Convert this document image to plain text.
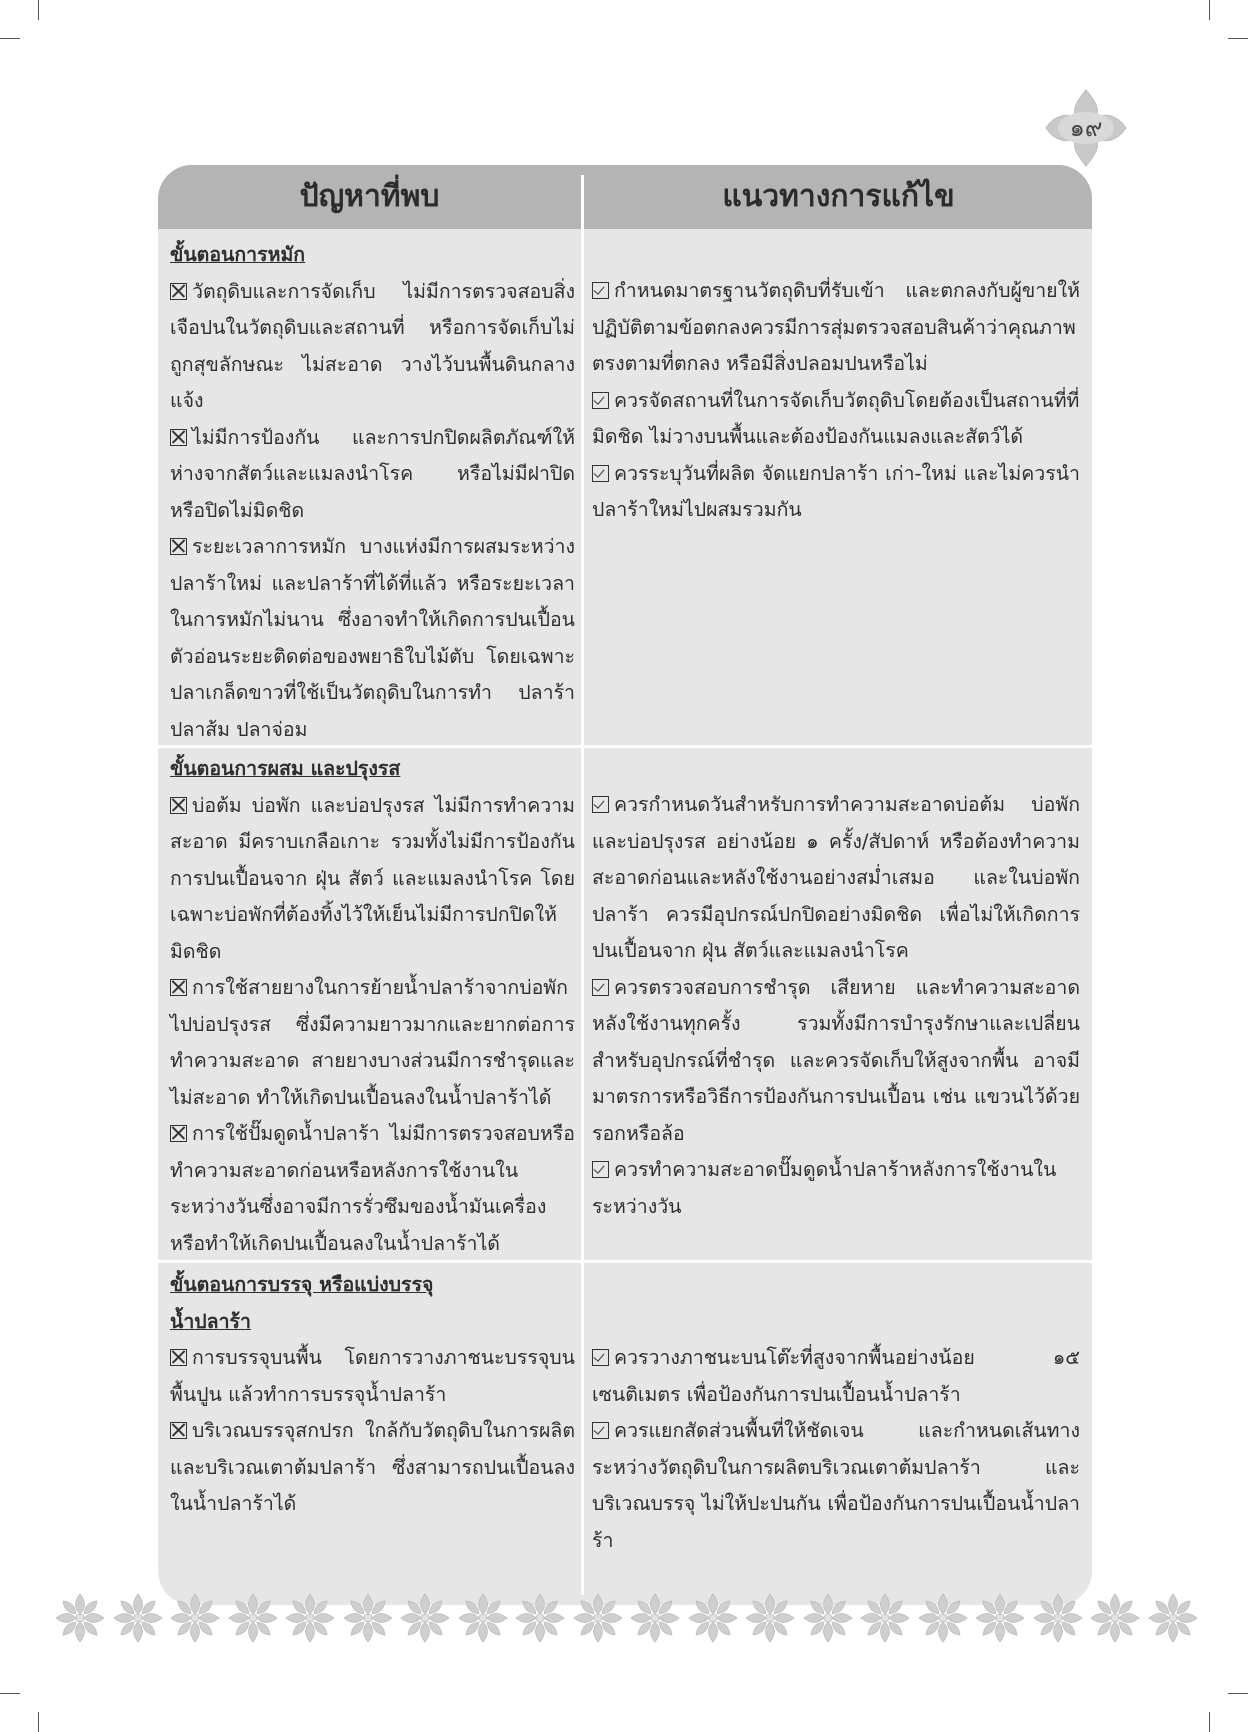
๑๙
ปัญหาที่พบ	แนวทางการแก้ไข

ขั้นตอนการหมัก

วัตถุดิบและการจัดเก็บ ไม่มีการตรวจสอบสิ่งเจือปนในวัตถุดิบและสถานที่ หรือการจัดเก็บไม่ถูกสุขลักษณะ ไม่สะอาด วางไว้บนพื้นดินกลางแจ้ง

ไม่มีการป้องกัน และการปกปิดผลิตภัณฑ์ให้ห่างจากสัตว์และแมลงนำโรค หรือไม่มีฝาปิด หรือปิดไม่มิดชิด

ระยะเวลาการหมัก บางแห่งมีการผสมระหว่างปลาร้าใหม่ และปลาร้าที่ได้ที่แล้ว หรือระยะเวลาในการหมักไม่นาน ซึ่งอาจทำให้เกิดการปนเปื้อนตัวอ่อนระยะติดต่อของพยาธิใบไม้ตับ โดยเฉพาะปลาเกล็ดขาวที่ใช้เป็นวัตถุดิบในการทำ ปลาร้า ปลาส้ม ปลาจ่อม

กำหนดมาตรฐานวัตถุดิบที่รับเข้า และตกลงกับผู้ขายให้ปฏิบัติตามข้อตกลงควรมีการสุ่มตรวจสอบสินค้าว่าคุณภาพตรงตามที่ตกลง หรือมีสิ่งปลอมปนหรือไม่

ควรจัดสถานที่ในการจัดเก็บวัตถุดิบโดยต้องเป็นสถานที่ที่มิดชิด ไม่วางบนพื้นและต้องป้องกันแมลงและสัตว์ได้

ควรระบุวันที่ผลิต จัดแยกปลาร้า เก่า-ใหม่ และไม่ควรนำปลาร้าใหม่ไปผสมรวมกัน

ขั้นตอนการผสม และปรุงรส

บ่อต้ม บ่อพัก และบ่อปรุงรส ไม่มีการทำความสะอาด มีคราบเกลือเกาะ รวมทั้งไม่มีการป้องกันการปนเปื้อนจาก ฝุ่น สัตว์ และแมลงนำโรค โดยเฉพาะบ่อพักที่ต้องทิ้งไว้ให้เย็นไม่มีการปกปิดให้มิดชิด

การใช้สายยางในการย้ายน้ำปลาร้าจากบ่อพักไปบ่อปรุงรส ซึ่งมีความยาวมากและยากต่อการทำความสะอาด สายยางบางส่วนมีการชำรุดและไม่สะอาด ทำให้เกิดปนเปื้อนลงในน้ำปลาร้าได้

การใช้ปั๊มดูดน้ำปลาร้า ไม่มีการตรวจสอบหรือทำความสะอาดก่อนหรือหลังการใช้งานในระหว่างวันซึ่งอาจมีการรั่วซึมของน้ำมันเครื่องหรือทำให้เกิดปนเปื้อนลงในน้ำปลาร้าได้

ควรกำหนดวันสำหรับการทำความสะอาดบ่อต้ม บ่อพักและบ่อปรุงรส อย่างน้อย ๑ ครั้ง/สัปดาห์ หรือต้องทำความสะอาดก่อนและหลังใช้งานอย่างสม่ำเสมอ และในบ่อพักปลาร้า ควรมีอุปกรณ์ปกปิดอย่างมิดชิด เพื่อไม่ให้เกิดการปนเปื้อนจาก ฝุ่น สัตว์และแมลงนำโรค

ควรตรวจสอบการชำรุด เสียหาย และทำความสะอาดหลังใช้งานทุกครั้ง รวมทั้งมีการบำรุงรักษาและเปลี่ยนสำหรับอุปกรณ์ที่ชำรุด และควรจัดเก็บให้สูงจากพื้น อาจมีมาตรการหรือวิธีการป้องกันการปนเปื้อน เช่น แขวนไว้ด้วยรอกหรือล้อ

ควรทำความสะอาดปั๊มดูดน้ำปลาร้าหลังการใช้งานในระหว่างวัน

ขั้นตอนการบรรจุ หรือแบ่งบรรจุ

น้ำปลาร้า

การบรรจุบนพื้น โดยการวางภาชนะบรรจุบนพื้นปูน แล้วทำการบรรจุน้ำปลาร้า

บริเวณบรรจุสกปรก ใกล้กับวัตถุดิบในการผลิตและบริเวณเตาต้มปลาร้า ซึ่งสามารถปนเปื้อนลงในน้ำปลาร้าได้

ควรวางภาชนะบนโต๊ะที่สูงจากพื้นอย่างน้อย ๑๕ เซนติเมตร เพื่อป้องกันการปนเปื้อนน้ำปลาร้า

ควรแยกสัดส่วนพื้นที่ให้ชัดเจน และกำหนดเส้นทางระหว่างวัตถุดิบในการผลิตบริเวณเตาต้มปลาร้า และบริเวณบรรจุ ไม่ให้ปะปนกัน เพื่อป้องกันการปนเปื้อนน้ำปลาร้า
